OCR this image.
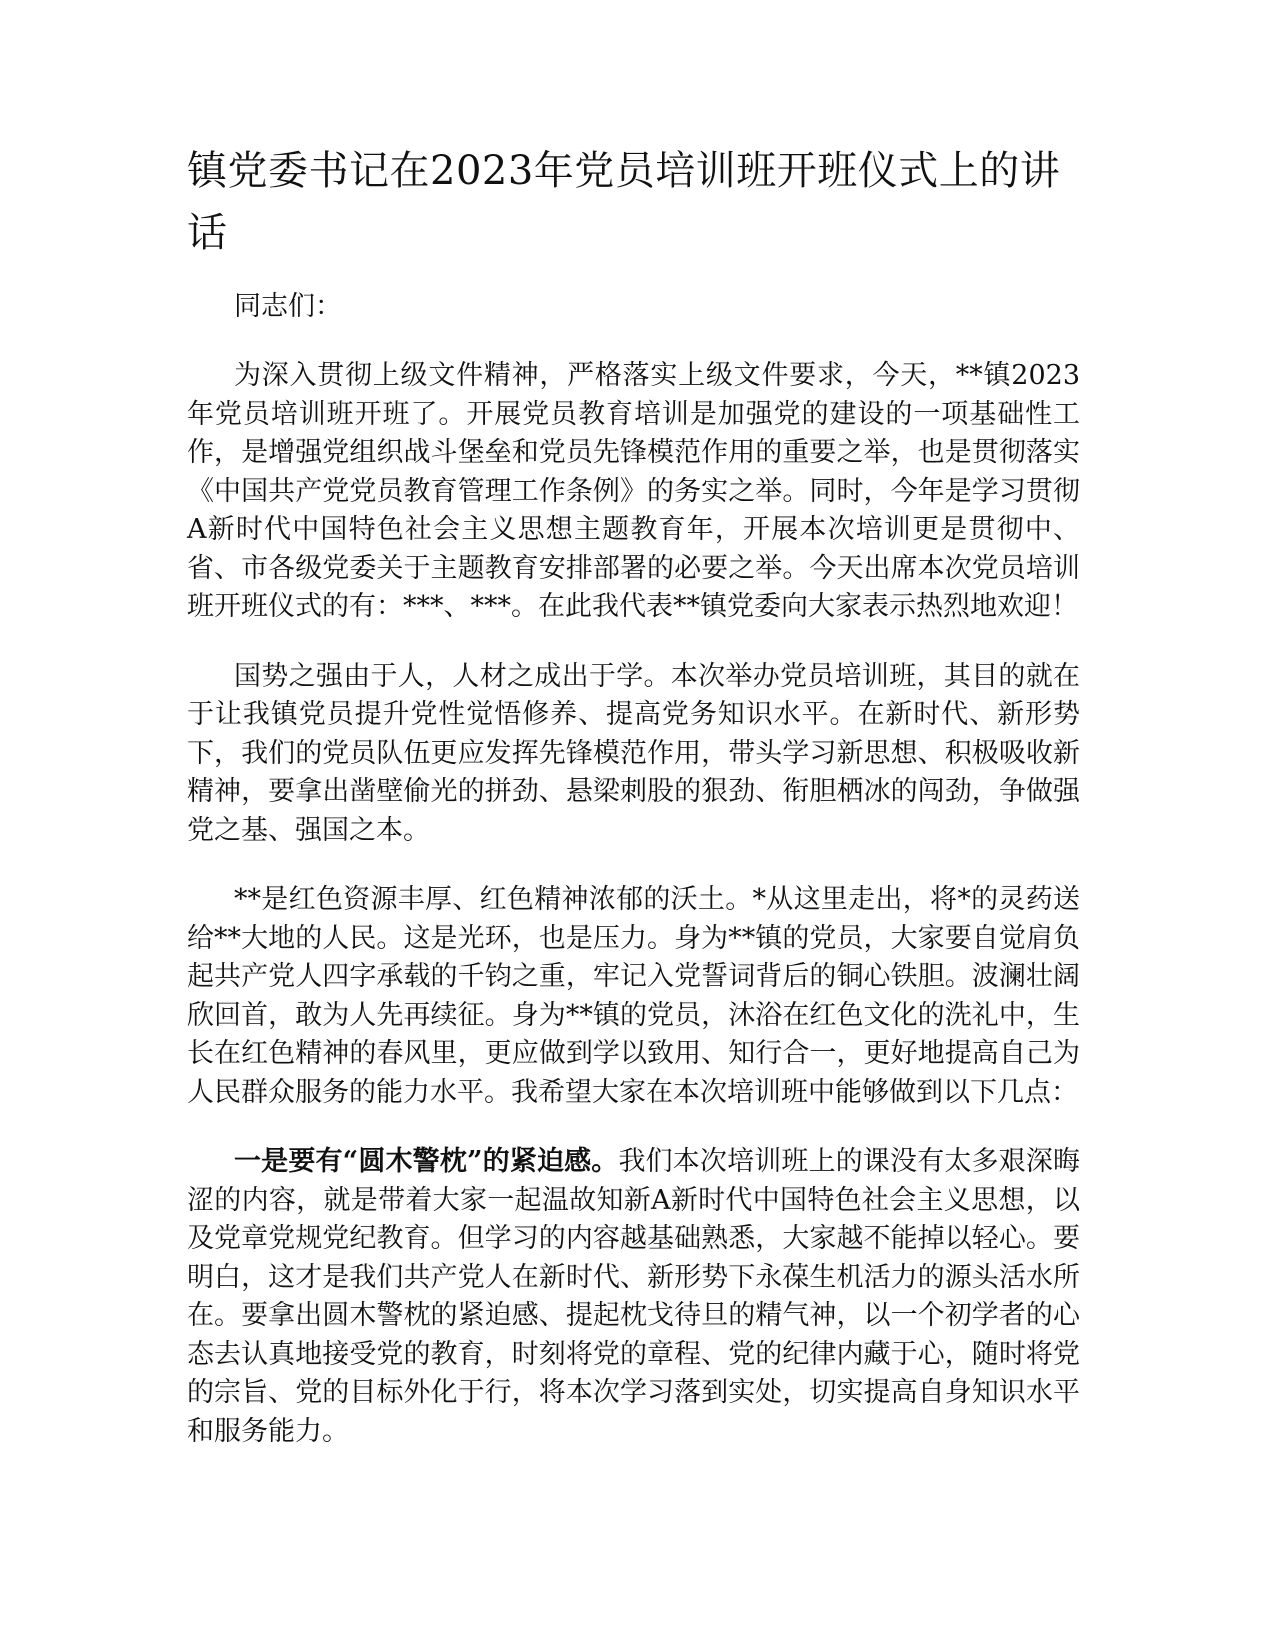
镇党委书记在2023年党员培训班开班仪式上的讲话

同志们：

为深入贯彻上级文件精神，严格落实上级文件要求，今天，**镇2023年党员培训班开班了。开展党员教育培训是加强党的建设的一项基础性工作，是增强党组织战斗堡垒和党员先锋模范作用的重要之举，也是贯彻落实《中国共产党党员教育管理工作条例》的务实之举。同时，今年是学习贯彻A新时代中国特色社会主义思想主题教育年，开展本次培训更是贯彻中、省、市各级党委关于主题教育安排部署的必要之举。今天出席本次党员培训班开班仪式的有：***、***。在此我代表**镇党委向大家表示热烈地欢迎！

国势之强由于人，人材之成出于学。本次举办党员培训班，其目的就在于让我镇党员提升党性觉悟修养、提高党务知识水平。在新时代、新形势下，我们的党员队伍更应发挥先锋模范作用，带头学习新思想、积极吸收新精神，要拿出凿壁偷光的拼劲、悬梁刺股的狠劲、衔胆栖冰的闯劲，争做强党之基、强国之本。

**是红色资源丰厚、红色精神浓郁的沃土。*从这里走出，将*的灵药送给**大地的人民。这是光环，也是压力。身为**镇的党员，大家要自觉肩负起共产党人四字承载的千钧之重，牢记入党誓词背后的铜心铁胆。波澜壮阔欣回首，敢为人先再续征。身为**镇的党员，沐浴在红色文化的洗礼中，生长在红色精神的春风里，更应做到学以致用、知行合一，更好地提高自己为人民群众服务的能力水平。我希望大家在本次培训班中能够做到以下几点：

一是要有“圆木警枕”的紧迫感。我们本次培训班上的课没有太多艰深晦涩的内容，就是带着大家一起温故知新A新时代中国特色社会主义思想，以及党章党规党纪教育。但学习的内容越基础熟悉，大家越不能掉以轻心。要明白，这才是我们共产党人在新时代、新形势下永葆生机活力的源头活水所在。要拿出圆木警枕的紧迫感、提起枕戈待旦的精气神，以一个初学者的心态去认真地接受党的教育，时刻将党的章程、党的纪律内藏于心，随时将党的宗旨、党的目标外化于行，将本次学习落到实处，切实提高自身知识水平和服务能力。
